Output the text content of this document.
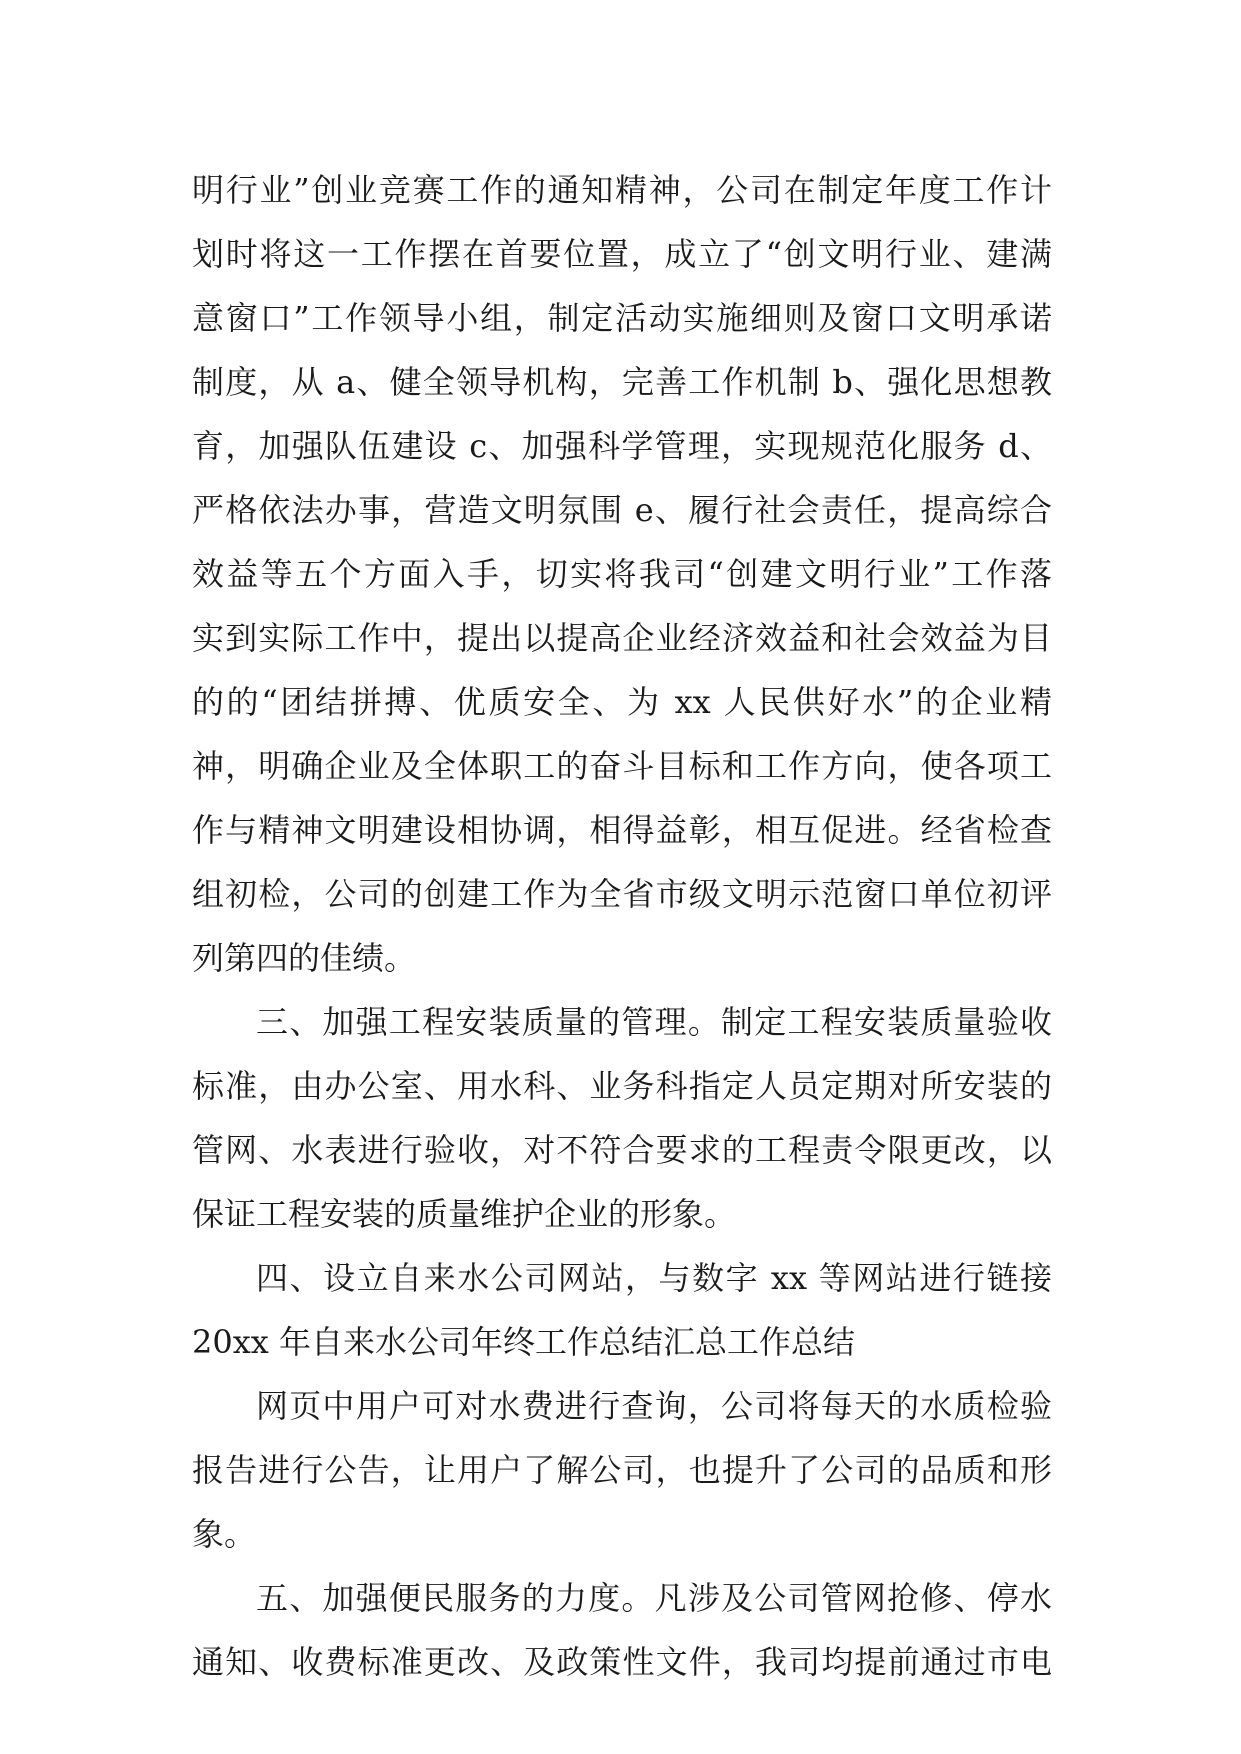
明行业”创业竞赛工作的通知精神，公司在制定年度工作计
划时将这一工作摆在首要位置，成立了“创文明行业、建满
意窗口”工作领导小组，制定活动实施细则及窗口文明承诺
制度，从 a、健全领导机构，完善工作机制 b、强化思想教
育，加强队伍建设 c、加强科学管理，实现规范化服务 d、
严格依法办事，营造文明氛围 e、履行社会责任，提高综合
效益等五个方面入手，切实将我司“创建文明行业”工作落
实到实际工作中，提出以提高企业经济效益和社会效益为目
的的“团结拼搏、优质安全、为 xx 人民供好水”的企业精
神，明确企业及全体职工的奋斗目标和工作方向，使各项工
作与精神文明建设相协调，相得益彰，相互促进。经省检查
组初检，公司的创建工作为全省市级文明示范窗口单位初评
列第四的佳绩。
三、加强工程安装质量的管理。制定工程安装质量验收
标准，由办公室、用水科、业务科指定人员定期对所安装的
管网、水表进行验收，对不符合要求的工程责令限更改，以
保证工程安装的质量维护企业的形象。
四、设立自来水公司网站，与数字 xx 等网站进行链接
20xx 年自来水公司年终工作总结汇总工作总结
网页中用户可对水费进行查询，公司将每天的水质检验
报告进行公告，让用户了解公司，也提升了公司的品质和形
象。
五、加强便民服务的力度。凡涉及公司管网抢修、停水
通知、收费标准更改、及政策性文件，我司均提前通过市电
